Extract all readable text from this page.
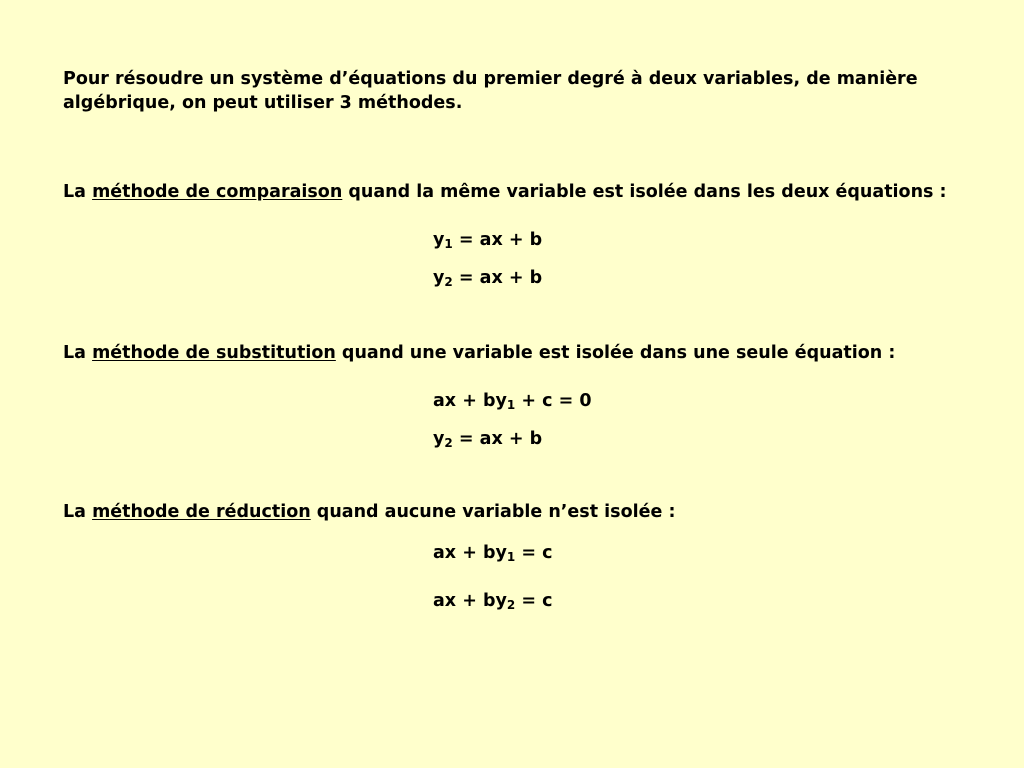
Pour résoudre un système d’équations du premier degré à deux variables, de manière algébrique, on peut utiliser 3 méthodes.
La méthode de comparaison quand la même variable est isolée dans les deux équations :
$y_1$ = ax + b
$y_2$ = ax + b
La méthode de substitution quand une variable est isolée dans une seule équation :
ax + $by_1 + c = 0$
$y_2$ = ax + b
La méthode de réduction quand aucune variable n’est isolée :
ax + $by_1 = c$
ax + $by_2 = c$
